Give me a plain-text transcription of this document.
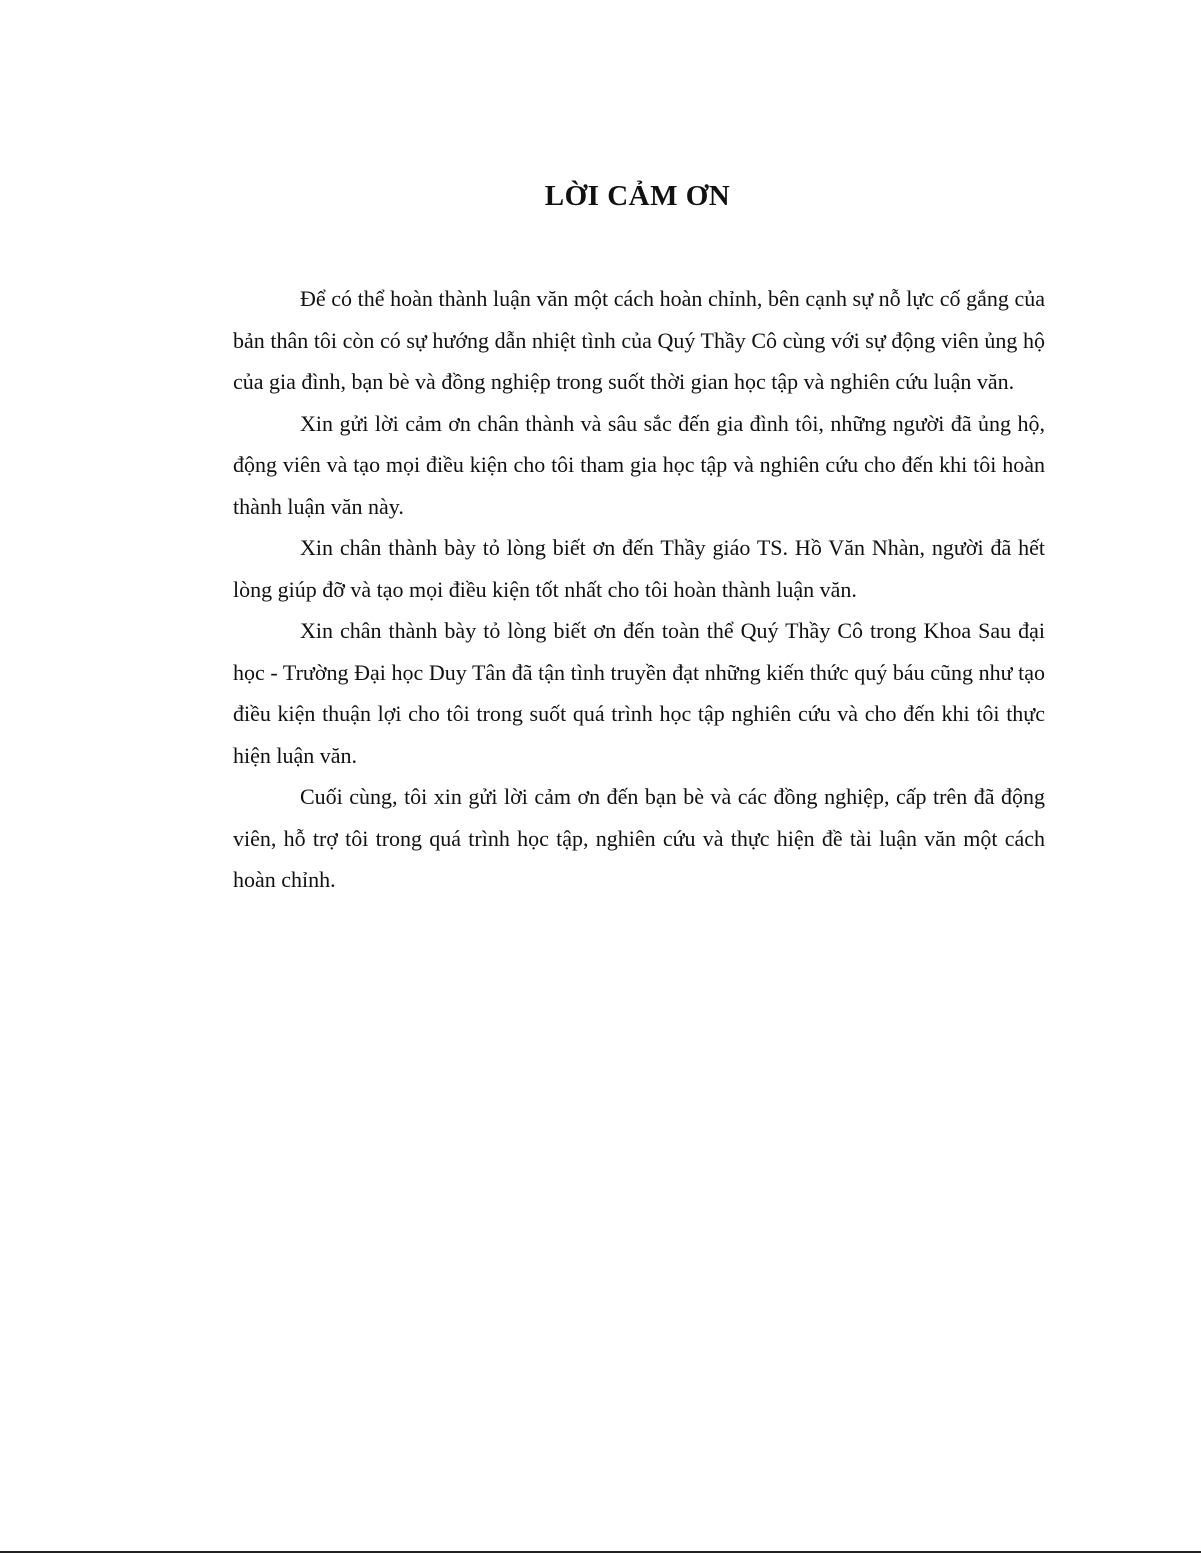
LỜI CẢM ƠN

Để có thể hoàn thành luận văn một cách hoàn chỉnh, bên cạnh sự nỗ lực cố gắng của bản thân tôi còn có sự hướng dẫn nhiệt tình của Quý Thầy Cô cùng với sự động viên ủng hộ của gia đình, bạn bè và đồng nghiệp trong suốt thời gian học tập và nghiên cứu luận văn.

Xin gửi lời cảm ơn chân thành và sâu sắc đến gia đình tôi, những người đã ủng hộ, động viên và tạo mọi điều kiện cho tôi tham gia học tập và nghiên cứu cho đến khi tôi hoàn thành luận văn này.

Xin chân thành bày tỏ lòng biết ơn đến Thầy giáo TS. Hồ Văn Nhàn, người đã hết lòng giúp đỡ và tạo mọi điều kiện tốt nhất cho tôi hoàn thành luận văn.

Xin chân thành bày tỏ lòng biết ơn đến toàn thể Quý Thầy Cô trong Khoa Sau đại học - Trường Đại học Duy Tân đã tận tình truyền đạt những kiến thức quý báu cũng như tạo điều kiện thuận lợi cho tôi trong suốt quá trình học tập nghiên cứu và cho đến khi tôi thực hiện luận văn.

Cuối cùng, tôi xin gửi lời cảm ơn đến bạn bè và các đồng nghiệp, cấp trên đã động viên, hỗ trợ tôi trong quá trình học tập, nghiên cứu và thực hiện đề tài luận văn một cách hoàn chỉnh.
